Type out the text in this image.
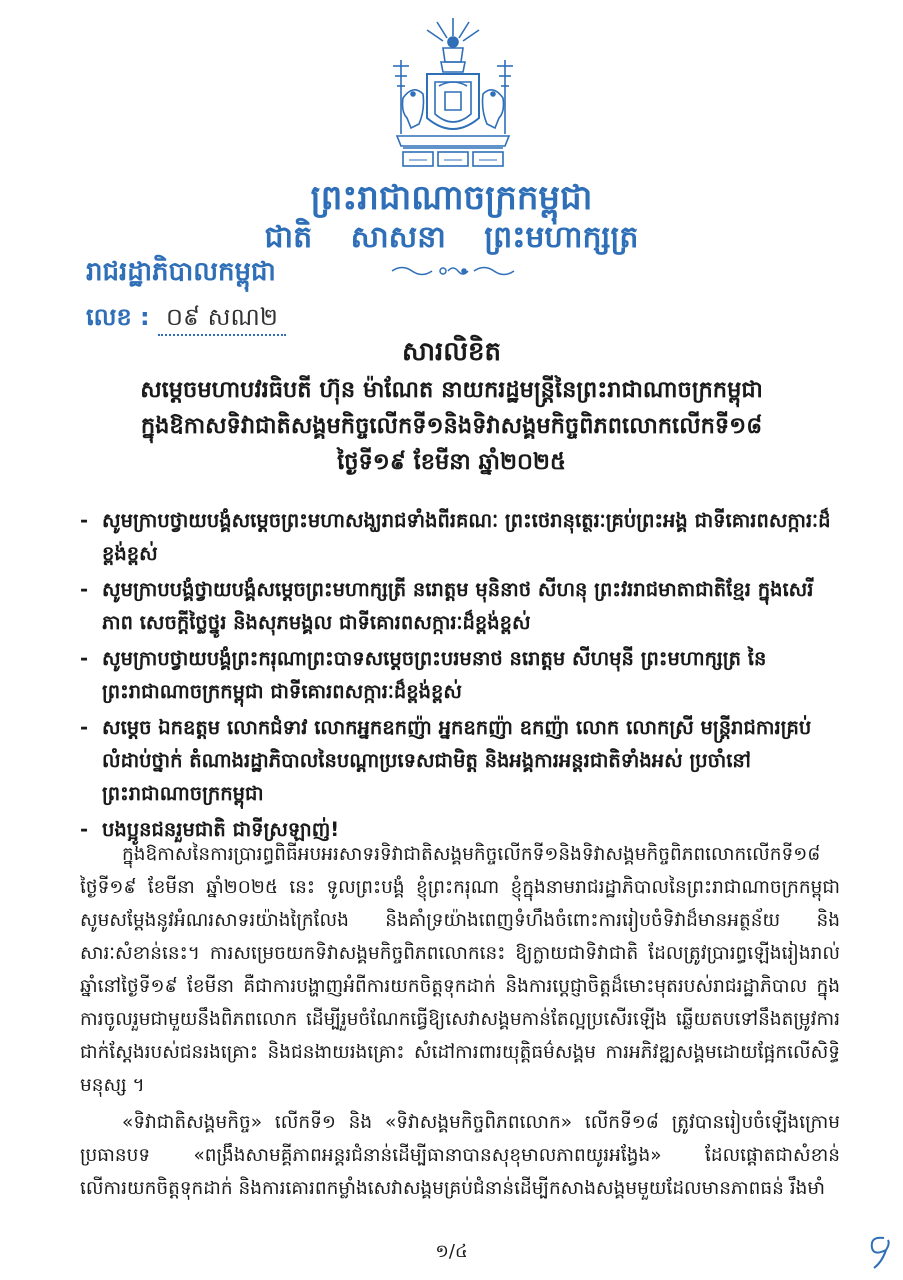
ព្រះរាជាណាចក្រកម្ពុជា
ជាតិ សាសនា ព្រះមហាក្សត្រ
រាជរដ្ឋាភិបាលកម្ពុជា
លេខ : ០៩ សណ២
សារលិខិត
សម្តេចមហាបវរធិបតី ហ៊ុន ម៉ាណែត នាយករដ្ឋមន្ត្រីនៃព្រះរាជាណាចក្រកម្ពុជា
ក្នុងឱកាសទិវាជាតិសង្គមកិច្ចលើកទី១និងទិវាសង្គមកិច្ចពិភពលោកលើកទី១៨
ថ្ងៃទី១៩ ខែមីនា ឆ្នាំ២០២៥
- សូមក្រាបថ្វាយបង្គំសម្តេចព្រះមហាសង្ឃរាជទាំងពីរគណៈ ព្រះថេរានុត្ថេរៈគ្រប់ព្រះអង្គ ជាទីគោរពសក្ការៈដ៏ខ្ពង់ខ្ពស់
- សូមក្រាបបង្គំថ្វាយបង្គំសម្តេចព្រះមហាក្សត្រី នរោត្តម មុនិនាថ សីហនុ ព្រះវររាជមាតាជាតិខ្មែរ ក្នុងសេរីភាព សេចក្តីថ្លៃថ្នូរ និងសុភមង្គល ជាទីគោរពសក្ការៈដ៏ខ្ពង់ខ្ពស់
- សូមក្រាបថ្វាយបង្គំព្រះករុណាព្រះបាទសម្តេចព្រះបរមនាថ នរោត្តម សីហមុនី ព្រះមហាក្សត្រ នៃព្រះរាជាណាចក្រកម្ពុជា ជាទីគោរពសក្ការៈដ៏ខ្ពង់ខ្ពស់
- សម្តេច ឯកឧត្តម លោកជំទាវ លោកអ្នកឧកញ៉ា អ្នកឧកញ៉ា ឧកញ៉ា លោក លោកស្រី មន្ត្រីរាជការគ្រប់លំដាប់ថ្នាក់ តំណាងរដ្ឋាភិបាលនៃបណ្តាប្រទេសជាមិត្ត និងអង្គការអន្តរជាតិទាំងអស់ ប្រចាំនៅព្រះរាជាណាចក្រកម្ពុជា
- បងប្អូនជនរួមជាតិ ជាទីស្រឡាញ់!

ក្នុងឱកាសនៃការប្រារព្ធពិធីអបអរសាទរទិវាជាតិសង្គមកិច្ចលើកទី១និងទិវាសង្គមកិច្ចពិភពលោកលើកទី១៨ ថ្ងៃទី១៩ ខែមីនា ឆ្នាំ២០២៥ នេះ ទូលព្រះបង្គំ ខ្ញុំព្រះករុណា ខ្ញុំក្នុងនាមរាជរដ្ឋាភិបាលនៃព្រះរាជាណាចក្រកម្ពុជា សូមសម្តែងនូវអំណរសាទរយ៉ាងក្រៃលែង និងគាំទ្រយ៉ាងពេញទំហឹងចំពោះការរៀបចំទិវាដ៏មានអត្ថន័យ និងសារៈសំខាន់នេះ។ ការសម្រេចយកទិវាសង្គមកិច្ចពិភពលោកនេះ ឱ្យក្លាយជាទិវាជាតិ ដែលត្រូវប្រារព្ធឡើងរៀងរាល់ឆ្នាំនៅថ្ងៃទី១៩ ខែមីនា គឺជាការបង្ហាញអំពីការយកចិត្តទុកដាក់ និងការប្តេជ្ញាចិត្តដ៏មោះមុតរបស់រាជរដ្ឋាភិបាល ក្នុងការចូលរួមជាមួយនឹងពិភពលោក ដើម្បីរួមចំណែកធ្វើឱ្យសេវាសង្គមកាន់តែល្អប្រសើរឡើង ឆ្លើយតបទៅនឹងតម្រូវការជាក់ស្តែងរបស់ជនរងគ្រោះ និងជនងាយរងគ្រោះ សំដៅការពារយុត្តិធម៌សង្គម ការអភិវឌ្ឍសង្គមដោយផ្អែកលើសិទ្ធិមនុស្ស ។

«ទិវាជាតិសង្គមកិច្ច» លើកទី១ និង «ទិវាសង្គមកិច្ចពិភពលោក» លើកទី១៨ ត្រូវបានរៀបចំឡើងក្រោមប្រធានបទ «ពង្រឹងសាមគ្គីភាពអន្តរជំនាន់ដើម្បីធានាបានសុខុមាលភាពយូរអង្វែង» ដែលផ្តោតជាសំខាន់លើការយកចិត្តទុកដាក់ និងការគោរពកម្លាំងសេវាសង្គមគ្រប់ជំនាន់ដើម្បីកសាងសង្គមមួយដែលមានភាពធន់ រឹងមាំ

១/៤
